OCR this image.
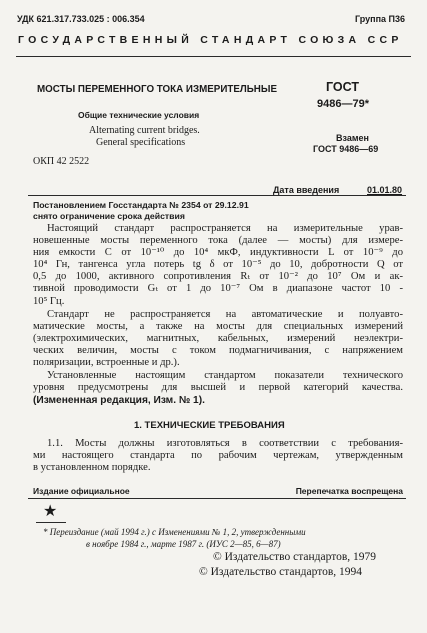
УДК 621.317.733.025 : 006.354	Группа П36
ГОСУДАРСТВЕННЫЙ СТАНДАРТ СОЮЗА ССР
МОСТЫ ПЕРЕМЕННОГО ТОКА ИЗМЕРИТЕЛЬНЫЕ
Общие технические условия
Alternating current bridges.
General specifications
ГОСТ
9486—79*
Взамен
ГОСТ 9486—69
ОКП 42 2522
Дата введения	01.01.80
Постановлением Госстандарта № 2354 от 29.12.91
снято ограничение срока действия

Настоящий стандарт распространяется на измерительные урав-
новешенные мосты переменного тока (далее — мосты) для измере-
ния емкости C от 10⁻¹⁰ до 10⁴ мкФ, индуктивности L от 10⁻⁹ до
10⁴ Гн, тангенса угла потерь tg δ от 10⁻⁵ до 10, добротности Q от
0,5 до 1000, активного сопротивления Rₜ от 10⁻² до 10⁷ Ом и ак-
тивной проводимости Gₜ от 1 до 10⁻⁷ Ом в диапазоне частот 10 -
10⁵ Гц.

Стандарт не распространяется на автоматические и полуавто-
матические мосты, а также на мосты для специальных измерений
(электрохимических, магнитных, кабельных, измерений неэлектри-
ческих величин, мосты с током подмагничивания, с напряжением
поляризации, встроенные и др.).

Установленные настоящим стандартом показатели технического
уровня предусмотрены для высшей и первой категорий качества.

(Измененная редакция, Изм. № 1).
1. ТЕХНИЧЕСКИЕ ТРЕБОВАНИЯ

1.1. Мосты должны изготовляться в соответствии с требования-
ми настоящего стандарта по рабочим чертежам, утвержденным
в установленном порядке.

Издание официальное	Перепечатка воспрещена
★
* Переиздание (май 1994 г.) с Изменениями № 1, 2, утвержденными
в ноябре 1984 г., марте 1987 г. (ИУС 2—85, 6—87)
© Издательство стандартов, 1979
© Издательство стандартов, 1994
